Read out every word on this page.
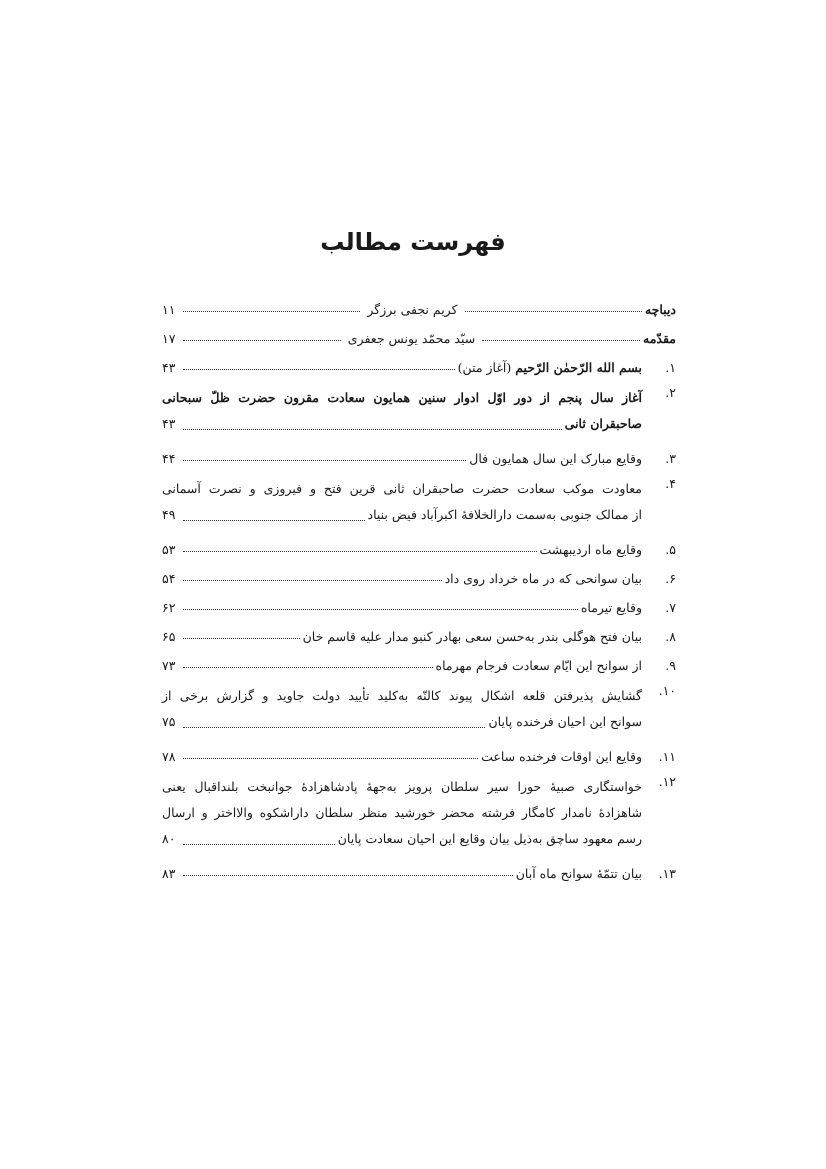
فهرست مطالب
دیباچه
کریم نجفی برزگر
۱۱
مقدّمه
سیّد محمّد یونس جعفری
۱۷
۱.
بسم الله الرّحمٰن الرّحیم (آغاز متن)
۴۳
۲.
آغاز سال پنجم از دور اوّل ادوار سنین همایون سعادت مقرون حضرت ظلّ سبحانی
صاحبقران ثانی
۴۳
۳.
وقایع مبارک این سال همایون فال
۴۴
۴.
معاودت موکب سعادت حضرت صاحبقران ثانی قرین فتح و فیروزی و نصرت آسمانی
از ممالک جنوبی به‌سمت دارالخلافهٔ اکبرآباد فیض بنیاد
۴۹
۵.
وقایع ماه اردیبهشت
۵۳
۶.
بیان سوانحی که در ماه خرداد روی داد
۵۴
۷.
وقایع تیرماه
۶۲
۸.
بیان فتح هوگلی بندر به‌حسن سعی بهادر کنبو مدار علیه قاسم خان
۶۵
۹.
از سوانح این ایّام سعادت فرجام مهرماه
۷۳
۱۰.
گشایش پذیرفتن قلعه اشکال پیوند کالنّه به‌کلید تأیید دولت جاوید و گزارش برخی از
سوانح این احیان فرخنده پایان
۷۵
۱۱.
وقایع این اوقات فرخنده ساعت
۷۸
۱۲.
خواستگاری صبیهٔ حورا سیر سلطان پرویز به‌جههٔ پادشاهزادهٔ جوانبخت بلنداقبال یعنی
شاهزادهٔ نامدار کامگار فرشته محضر خورشید منظر سلطان داراشکوه والااختر و ارسال
رسم معهود ساچق به‌ذیل بیان وقایع این احیان سعادت پایان
۸۰
۱۳.
بیان تتمّهٔ سوانح ماه آبان
۸۳
